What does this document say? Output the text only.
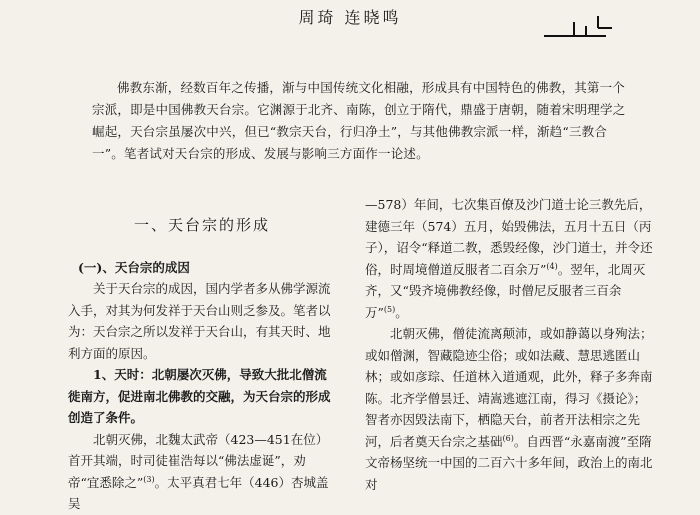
周琦 连晓鸣

佛教东渐，经数百年之传播，渐与中国传统文化相融，形成具有中国特色的佛教，其第一个宗派，即是中国佛教天台宗。它渊源于北齐、南陈，创立于隋代，鼎盛于唐朝，随着宋明理学之崛起，天台宗虽屡次中兴，但已“教宗天台，行归净土”，与其他佛教宗派一样，渐趋“三教合一”。笔者试对天台宗的形成、发展与影响三方面作一论述。

一、天台宗的形成

(一)、天台宗的成因

关于天台宗的成因，国内学者多从佛学源流入手，对其为何发祥于天台山则乏参及。笔者以为：天台宗之所以发祥于天台山，有其天时、地利方面的原因。

1、天时：北朝屡次灭佛，导致大批北僧流徙南方，促进南北佛教的交融，为天台宗的形成创造了条件。

北朝灭佛，北魏太武帝（423—451在位）首开其端，时司徒崔浩每以“佛法虚诞”，劝帝“宜悉除之”$^{(3)}$。太平真君七年（446）杏城盖吴

—578）年间，七次集百僚及沙门道士论三教先后，建德三年（574）五月，始毁佛法，五月十五日（丙子），诏令“释道二教，悉毁经像，沙门道士，并令还俗，时周境僧道反服者二百余万”$^{(4)}$。翌年，北周灭齐，又“毁齐境佛教经像，时僧尼反服者三百余万”$^{(5)}$。

北朝灭佛，僧徒流离颠沛，或如静蔼以身殉法；或如僧渊，智藏隐迹尘俗；或如法藏、慧思逃匿山林；或如彦琮、任道林入道通观，此外，释子多奔南陈。北齐学僧昙迁、靖嵩逃遮江南，得习《摄论》；智者亦因毁法南下，栖隐天台，前者开法相宗之先河，后者奠天台宗之基础$^{(6)}$。自西晋“永嘉南渡”至隋文帝杨坚统一中国的二百六十多年间，政治上的南北对
